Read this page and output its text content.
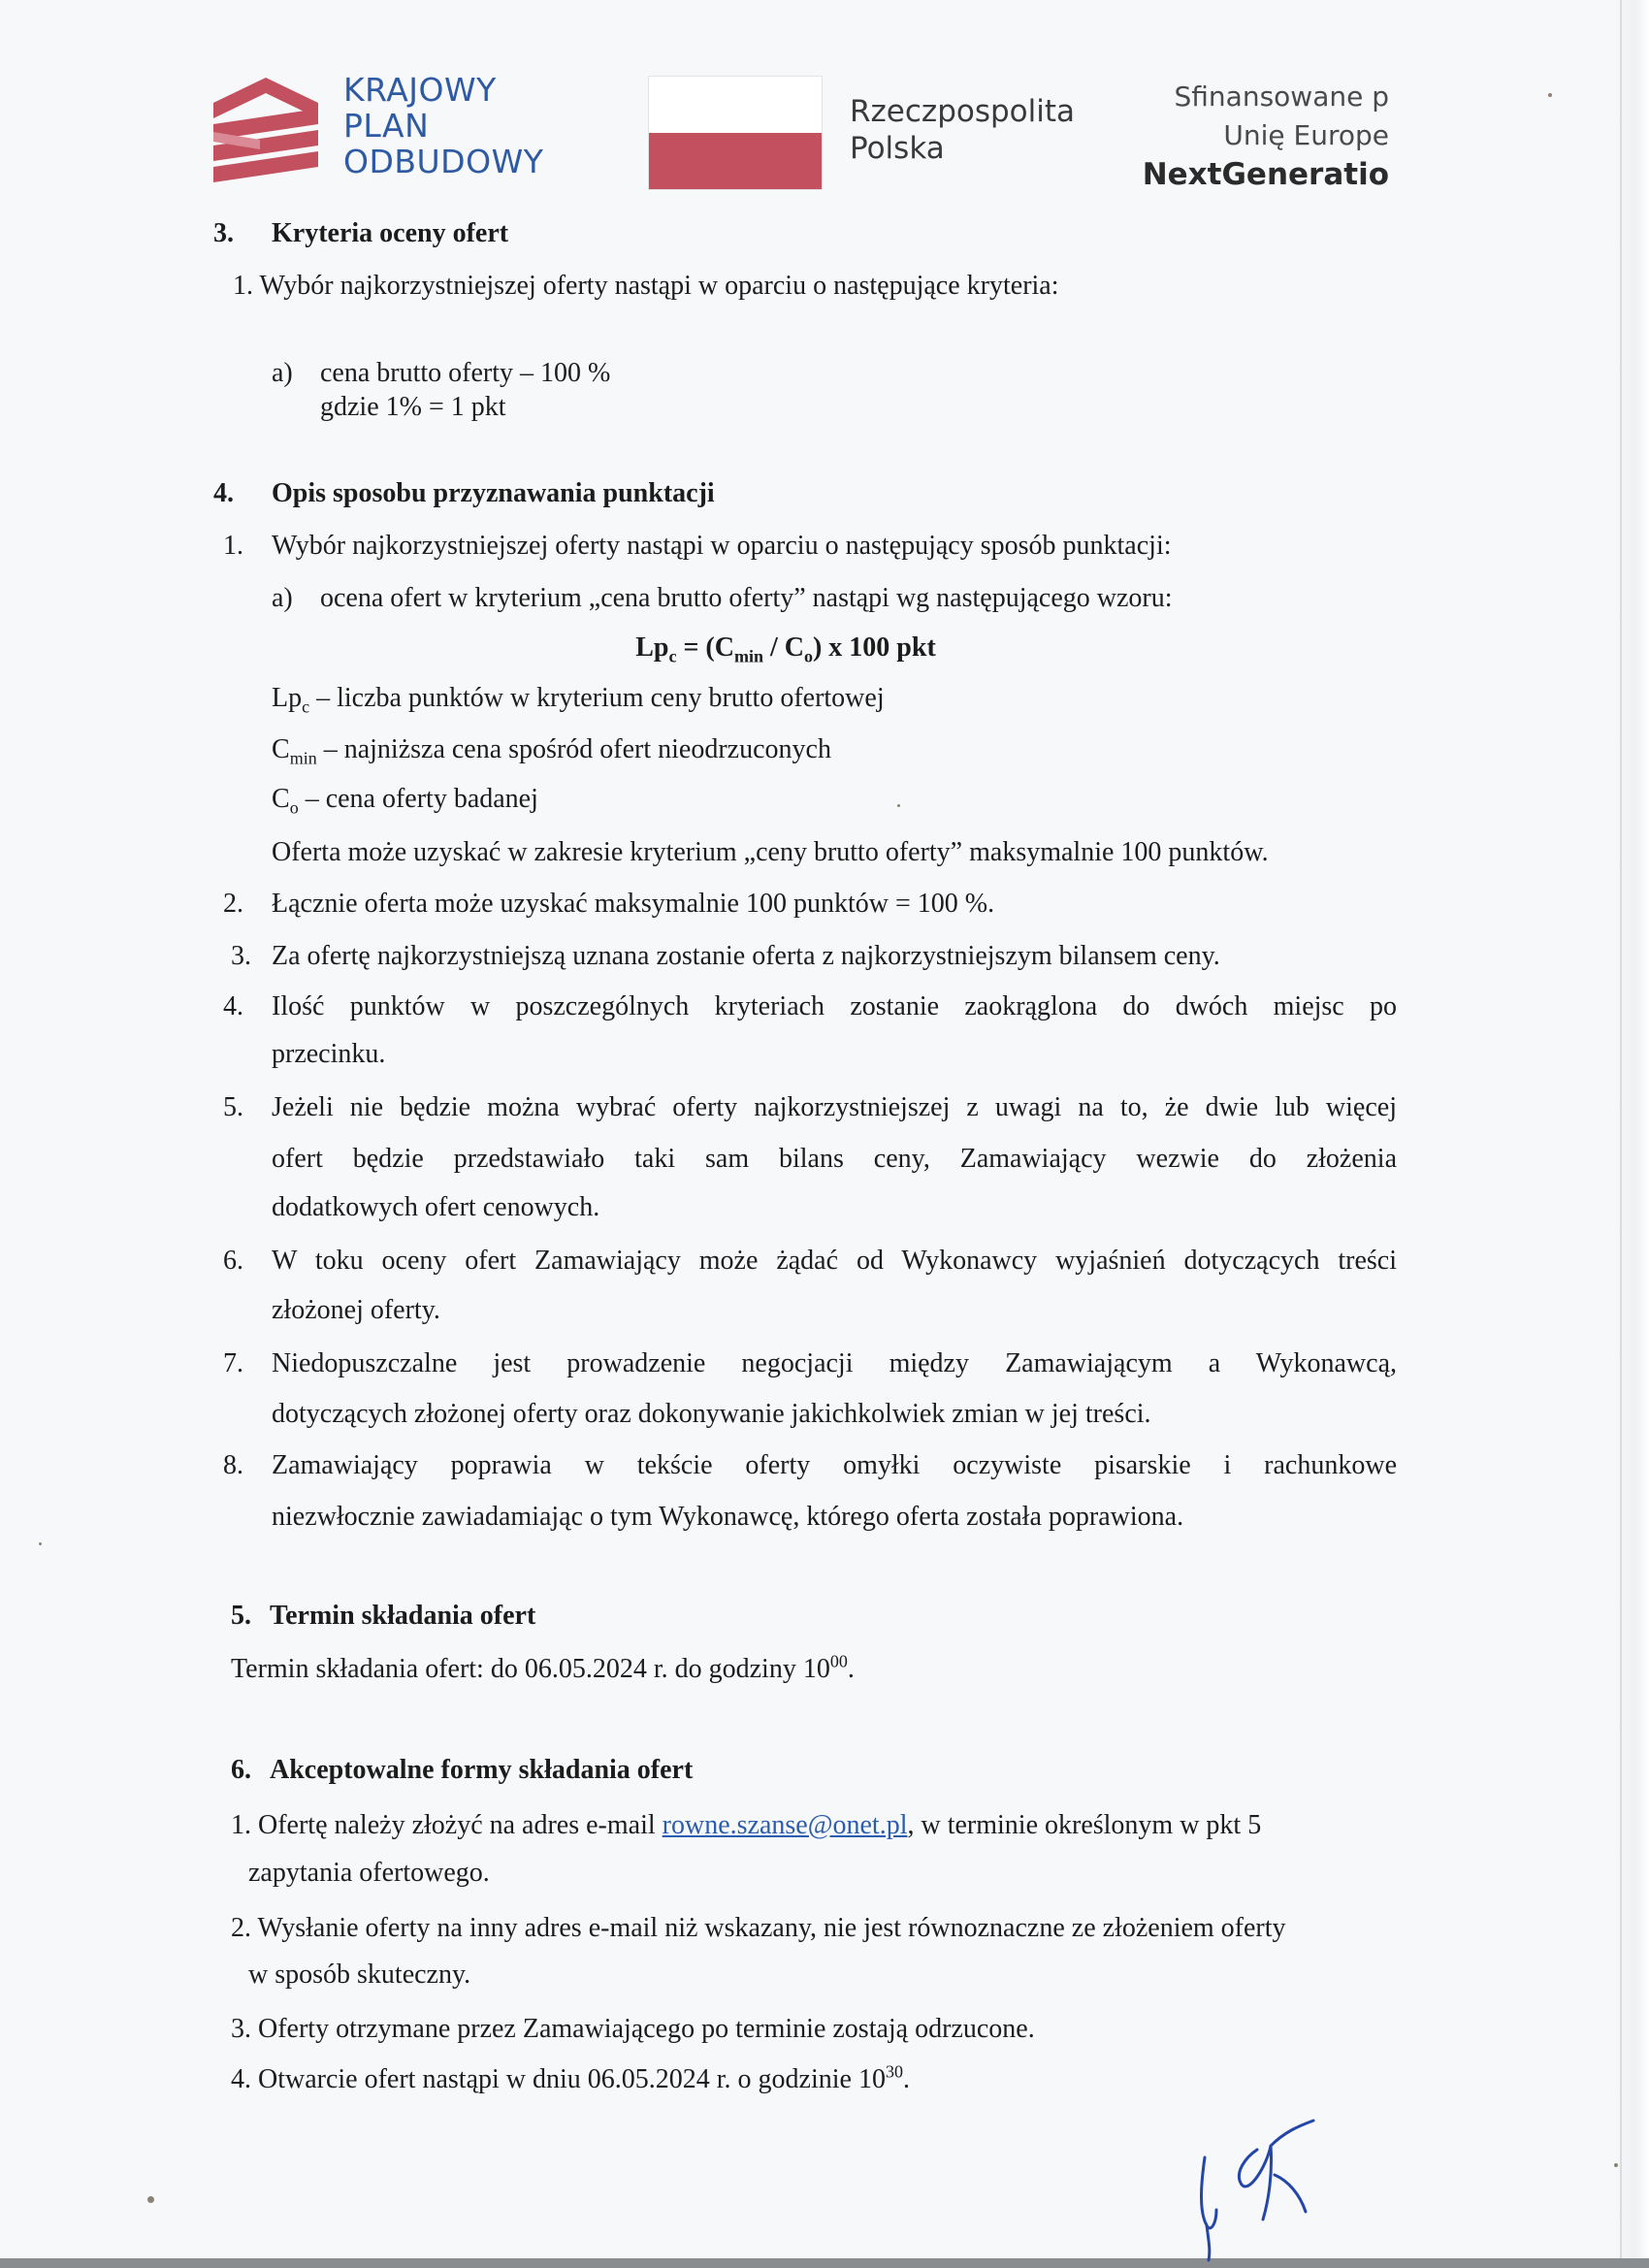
KRAJOWY
PLAN
ODBUDOWY
Rzeczpospolita
Polska
Sfinansowane p
Unię Europe
NextGeneratio
3. Kryteria oceny ofert
1. Wybór najkorzystniejszej oferty nastąpi w oparciu o następujące kryteria:
a) cena brutto oferty – 100 %
gdzie 1% = 1 pkt
4. Opis sposobu przyznawania punktacji
1. Wybór najkorzystniejszej oferty nastąpi w oparciu o następujący sposób punktacji:
a) ocena ofert w kryterium „cena brutto oferty” nastąpi wg następującego wzoru:
$Lp_c = (C_{min} / C_o)$ x 100 pkt
$Lp_c$ – liczba punktów w kryterium ceny brutto ofertowej
$C_{min}$ – najniższa cena spośród ofert nieodrzuconych
$C_o$ – cena oferty badanej
Oferta może uzyskać w zakresie kryterium „ceny brutto oferty” maksymalnie 100 punktów.
2. Łącznie oferta może uzyskać maksymalnie 100 punktów = 100 %.
3. Za ofertę najkorzystniejszą uznana zostanie oferta z najkorzystniejszym bilansem ceny.
4. Ilość punktów w poszczególnych kryteriach zostanie zaokrąglona do dwóch miejsc po
przecinku.
5. Jeżeli nie będzie można wybrać oferty najkorzystniejszej z uwagi na to, że dwie lub więcej
ofert będzie przedstawiało taki sam bilans ceny, Zamawiający wezwie do złożenia
dodatkowych ofert cenowych.
6. W toku oceny ofert Zamawiający może żądać od Wykonawcy wyjaśnień dotyczących treści
złożonej oferty.
7. Niedopuszczalne jest prowadzenie negocjacji między Zamawiającym a Wykonawcą,
dotyczących złożonej oferty oraz dokonywanie jakichkolwiek zmian w jej treści.
8. Zamawiający poprawia w tekście oferty omyłki oczywiste pisarskie i rachunkowe
niezwłocznie zawiadamiając o tym Wykonawcę, którego oferta została poprawiona.
5. Termin składania ofert
Termin składania ofert: do 06.05.2024 r. do godziny $10^{00}$.
6. Akceptowalne formy składania ofert
1. Ofertę należy złożyć na adres e-mail rowne.szanse@onet.pl, w terminie określonym w pkt 5
zapytania ofertowego.
2. Wysłanie oferty na inny adres e-mail niż wskazany, nie jest równoznaczne ze złożeniem oferty
w sposób skuteczny.
3. Oferty otrzymane przez Zamawiającego po terminie zostają odrzucone.
4. Otwarcie ofert nastąpi w dniu 06.05.2024 r. o godzinie $10^{30}$.
